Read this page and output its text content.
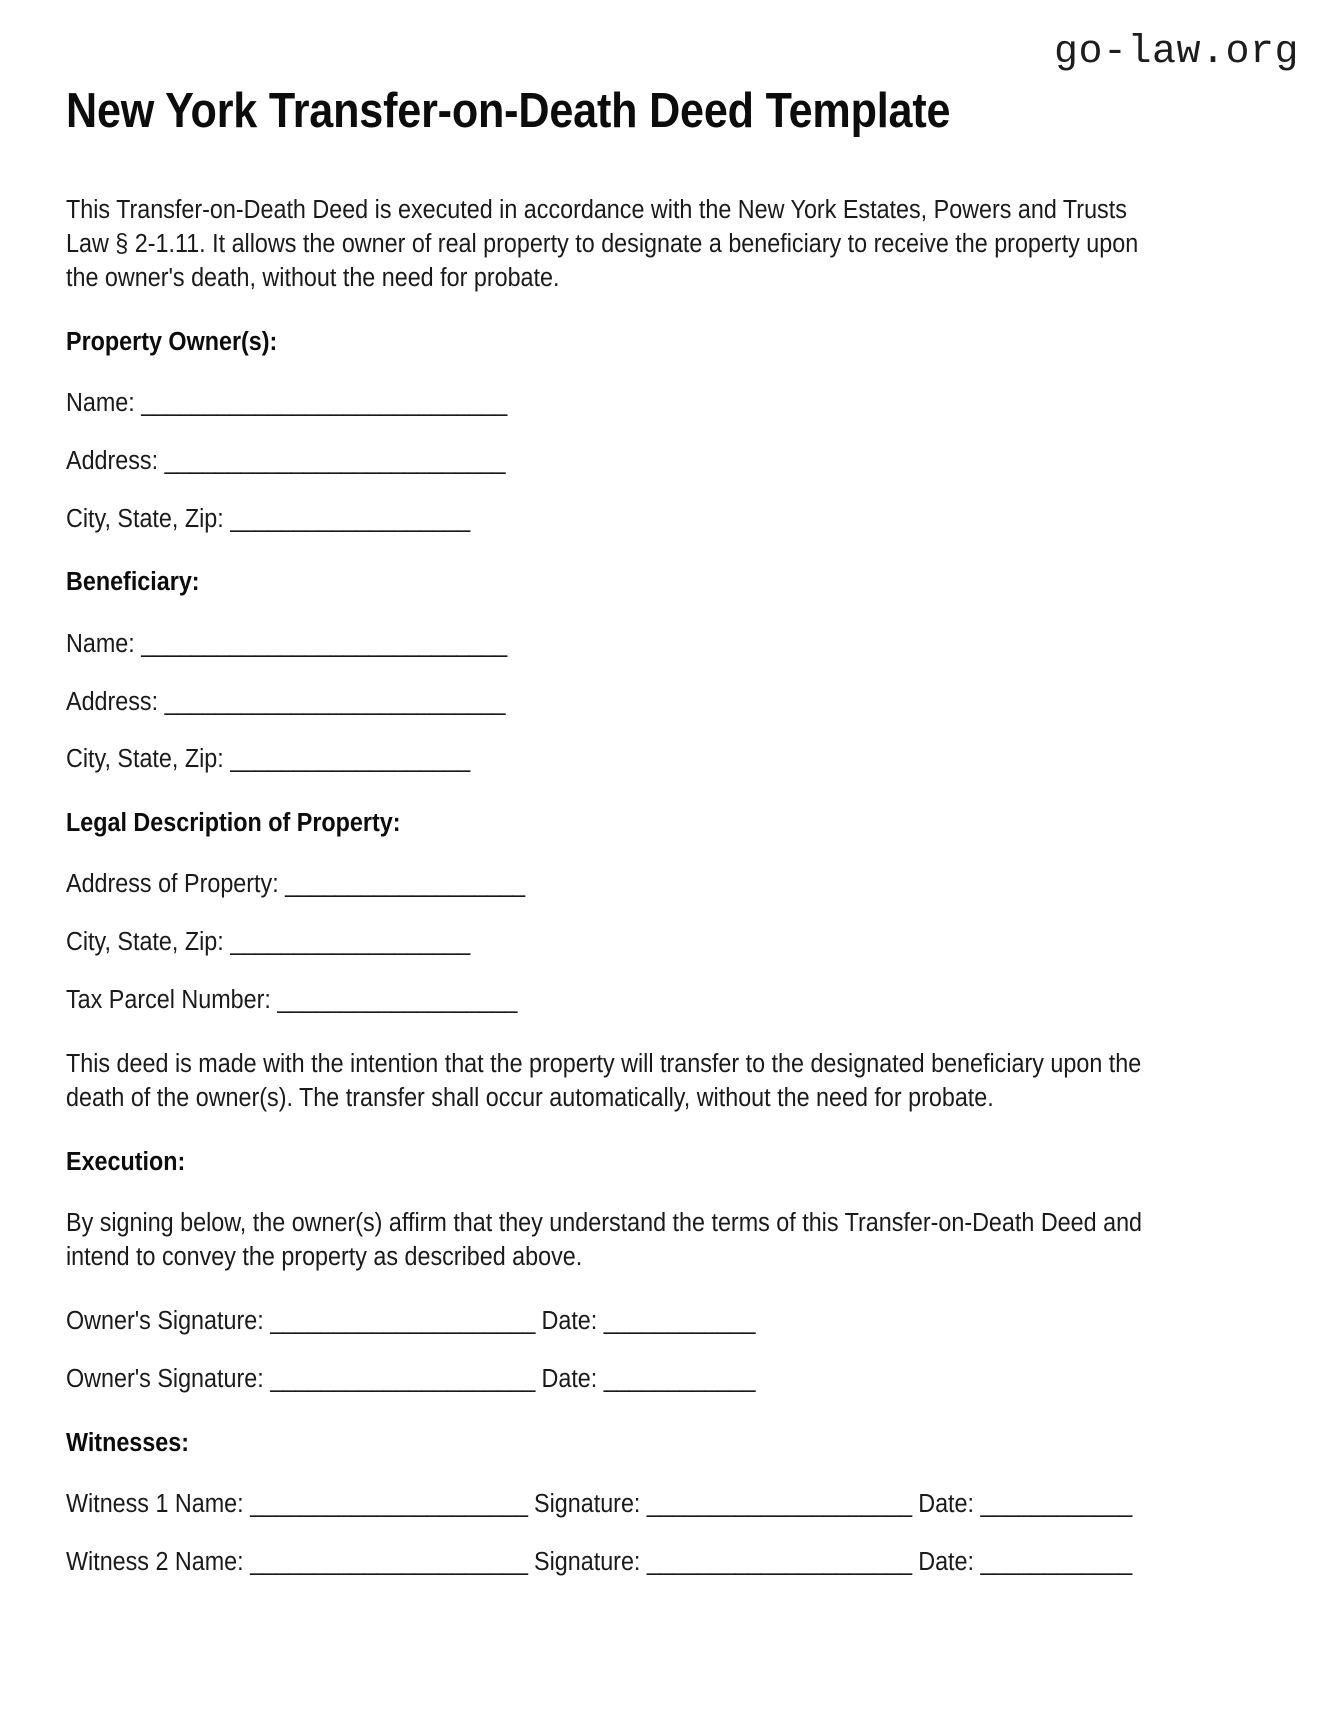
go-law.org
New York Transfer-on-Death Deed Template

This Transfer-on-Death Deed is executed in accordance with the New York Estates, Powers and Trusts Law § 2-1.11. It allows the owner of real property to designate a beneficiary to receive the property upon the owner's death, without the need for probate.

Property Owner(s):

Name: _____________________________

Address: ___________________________

City, State, Zip: ___________________

Beneficiary:

Name: _____________________________

Address: ___________________________

City, State, Zip: ___________________

Legal Description of Property:

Address of Property: ___________________

City, State, Zip: ___________________

Tax Parcel Number: ___________________

This deed is made with the intention that the property will transfer to the designated beneficiary upon the death of the owner(s). The transfer shall occur automatically, without the need for probate.

Execution:

By signing below, the owner(s) affirm that they understand the terms of this Transfer-on-Death Deed and intend to convey the property as described above.

Owner's Signature: _____________________ Date: ____________

Owner's Signature: _____________________ Date: ____________

Witnesses:

Witness 1 Name: ______________________ Signature: _____________________ Date: ____________

Witness 2 Name: ______________________ Signature: _____________________ Date: ____________
